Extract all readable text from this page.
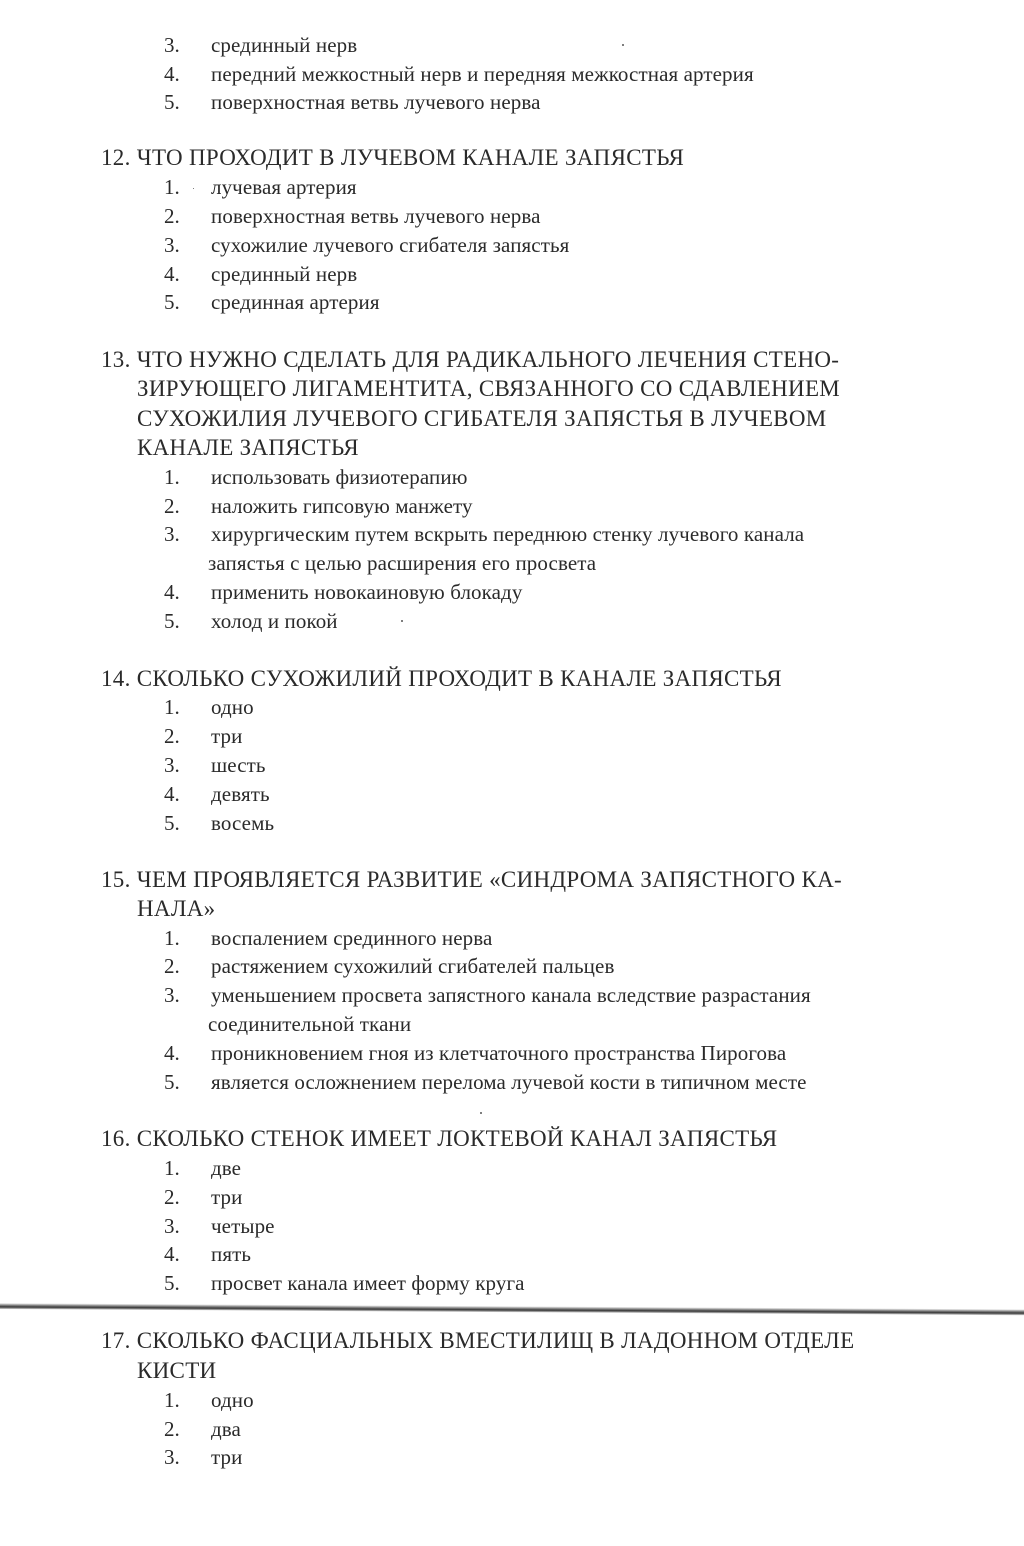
3. срединный нерв
4. передний межкостный нерв и передняя межкостная артерия
5. поверхностная ветвь лучевого нерва
12. ЧТО ПРОХОДИТ В ЛУЧЕВОМ КАНАЛЕ ЗАПЯСТЬЯ
1. лучевая артерия
2. поверхностная ветвь лучевого нерва
3. сухожилие лучевого сгибателя запястья
4. срединный нерв
5. срединная артерия
13. ЧТО НУЖНО СДЕЛАТЬ ДЛЯ РАДИКАЛЬНОГО ЛЕЧЕНИЯ СТЕНО-
ЗИРУЮЩЕГО ЛИГАМЕНТИТА, СВЯЗАННОГО СО СДАВЛЕНИЕМ
СУХОЖИЛИЯ ЛУЧЕВОГО СГИБАТЕЛЯ ЗАПЯСТЬЯ В ЛУЧЕВОМ
КАНАЛЕ ЗАПЯСТЬЯ
1. использовать физиотерапию
2. наложить гипсовую манжету
3. хирургическим путем вскрыть переднюю стенку лучевого канала
запястья с целью расширения его просвета
4. применить новокаиновую блокаду
5. холод и покой
14. СКОЛЬКО СУХОЖИЛИЙ ПРОХОДИТ В КАНАЛЕ ЗАПЯСТЬЯ
1. одно
2. три
3. шесть
4. девять
5. восемь
15. ЧЕМ ПРОЯВЛЯЕТСЯ РАЗВИТИЕ «СИНДРОМА ЗАПЯСТНОГО КА-
НАЛА»
1. воспалением срединного нерва
2. растяжением сухожилий сгибателей пальцев
3. уменьшением просвета запястного канала вследствие разрастания
соединительной ткани
4. проникновением гноя из клетчаточного пространства Пирогова
5. является осложнением перелома лучевой кости в типичном месте
16. СКОЛЬКО СТЕНОК ИМЕЕТ ЛОКТЕВОЙ КАНАЛ ЗАПЯСТЬЯ
1. две
2. три
3. четыре
4. пять
5. просвет канала имеет форму круга
17. СКОЛЬКО ФАСЦИАЛЬНЫХ ВМЕСТИЛИЩ В ЛАДОННОМ ОТДЕЛЕ
КИСТИ
1. одно
2. два
3. три
